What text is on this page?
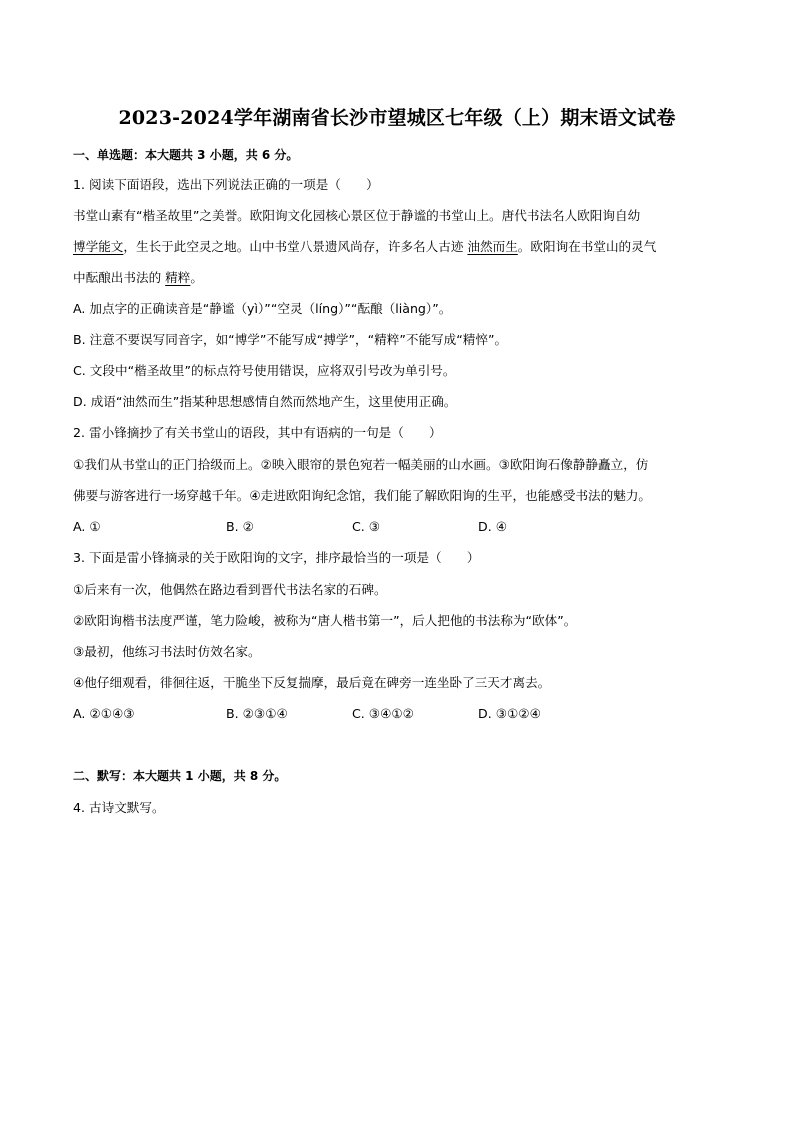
2023-2024学年湖南省长沙市望城区七年级（上）期末语文试卷
一、单选题：本大题共 3 小题，共 6 分。
1. 阅读下面语段，选出下列说法正确的一项是（　　）
书堂山素有“楷圣故里”之美誉。欧阳询文化园核心景区位于静谧的书堂山上。唐代书法名人欧阳询自幼
博学能文，生长于此空灵之地。山中书堂八景遗风尚存，许多名人古迹 油然而生。欧阳询在书堂山的灵气
中酝酿出书法的 精粹。
A. 加点字的正确读音是“静谧（yì）”“空灵（líng）”“酝酿（liàng）”。
B. 注意不要误写同音字，如“博学”不能写成“搏学”，“精粹”不能写成“精悴”。
C. 文段中“楷圣故里”的标点符号使用错误，应将双引号改为单引号。
D. 成语“油然而生”指某种思想感情自然而然地产生，这里使用正确。
2. 雷小锋摘抄了有关书堂山的语段，其中有语病的一句是（　　）
①我们从书堂山的正门拾级而上。②映入眼帘的景色宛若一幅美丽的山水画。③欧阳询石像静静矗立，仿
佛要与游客进行一场穿越千年。④走进欧阳询纪念馆，我们能了解欧阳询的生平，也能感受书法的魅力。
A. ①	B. ②	C. ③	D. ④
3. 下面是雷小锋摘录的关于欧阳询的文字，排序最恰当的一项是（　　）
①后来有一次，他偶然在路边看到晋代书法名家的石碑。
②欧阳询楷书法度严谨，笔力险峻，被称为“唐人楷书第一”，后人把他的书法称为“欧体”。
③最初，他练习书法时仿效名家。
④他仔细观看，徘徊往返，干脆坐下反复揣摩，最后竟在碑旁一连坐卧了三天才离去。
A. ②①④③	B. ②③①④	C. ③④①②	D. ③①②④
二、默写：本大题共 1 小题，共 8 分。
4. 古诗文默写。
